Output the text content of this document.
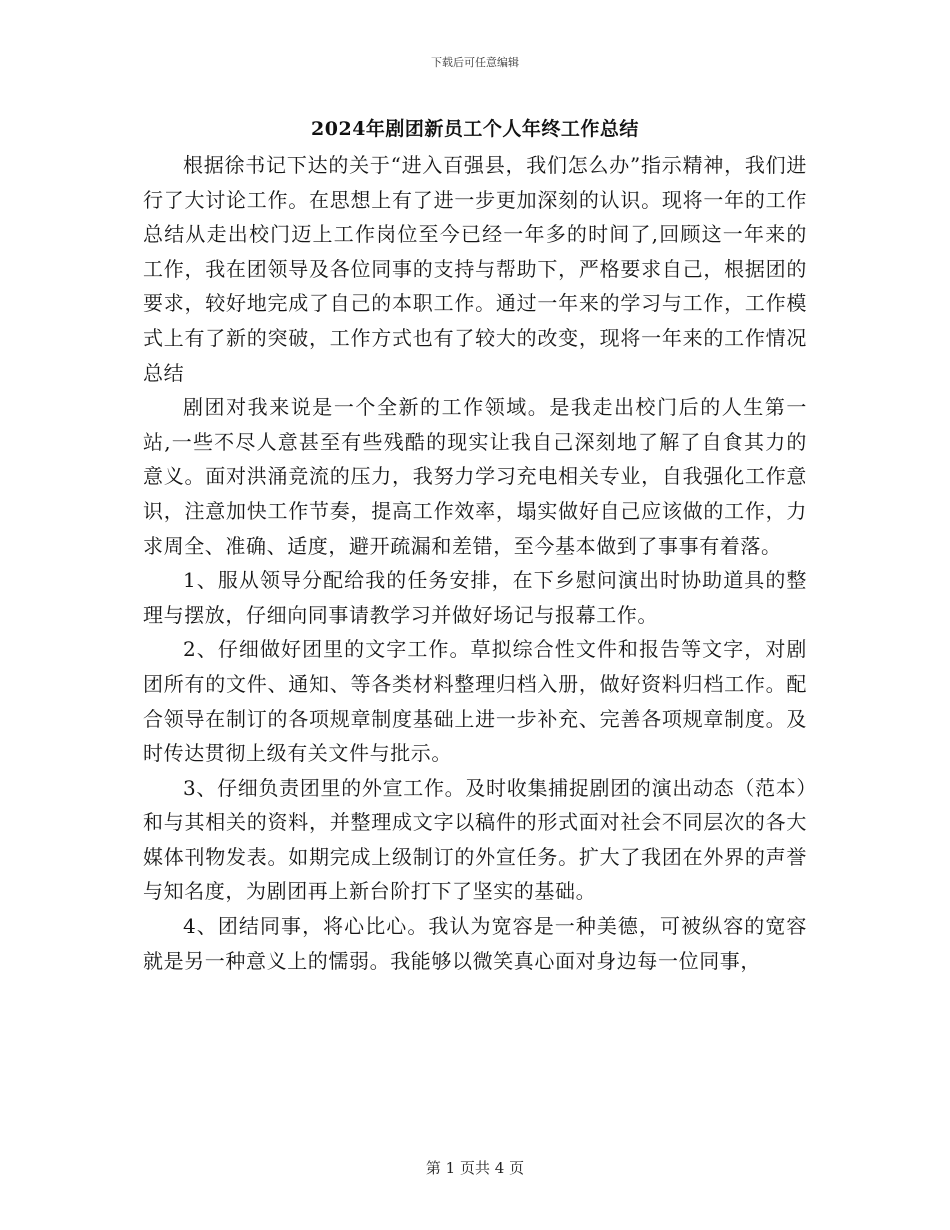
下载后可任意编辑
2024年剧团新员工个人年终工作总结

根据徐书记下达的关于“进入百强县，我们怎么办”指示精神，我们进行了大讨论工作。在思想上有了进一步更加深刻的认识。现将一年的工作总结从走出校门迈上工作岗位至今已经一年多的时间了,回顾这一年来的工作，我在团领导及各位同事的支持与帮助下，严格要求自己，根据团的要求，较好地完成了自己的本职工作。通过一年来的学习与工作，工作模式上有了新的突破，工作方式也有了较大的改变，现将一年来的工作情况总结

剧团对我来说是一个全新的工作领域。是我走出校门后的人生第一站,一些不尽人意甚至有些残酷的现实让我自己深刻地了解了自食其力的意义。面对洪涌竞流的压力，我努力学习充电相关专业，自我强化工作意识，注意加快工作节奏，提高工作效率，塌实做好自己应该做的工作，力求周全、准确、适度，避开疏漏和差错，至今基本做到了事事有着落。

1、服从领导分配给我的任务安排，在下乡慰问演出时协助道具的整理与摆放，仔细向同事请教学习并做好场记与报幕工作。

2、仔细做好团里的文字工作。草拟综合性文件和报告等文字，对剧团所有的文件、通知、等各类材料整理归档入册，做好资料归档工作。配合领导在制订的各项规章制度基础上进一步补充、完善各项规章制度。及时传达贯彻上级有关文件与批示。

3、仔细负责团里的外宣工作。及时收集捕捉剧团的演出动态（范本）和与其相关的资料，并整理成文字以稿件的形式面对社会不同层次的各大媒体刊物发表。如期完成上级制订的外宣任务。扩大了我团在外界的声誉与知名度，为剧团再上新台阶打下了坚实的基础。

4、团结同事，将心比心。我认为宽容是一种美德，可被纵容的宽容就是另一种意义上的懦弱。我能够以微笑真心面对身边每一位同事，

第 1 页共 4 页
